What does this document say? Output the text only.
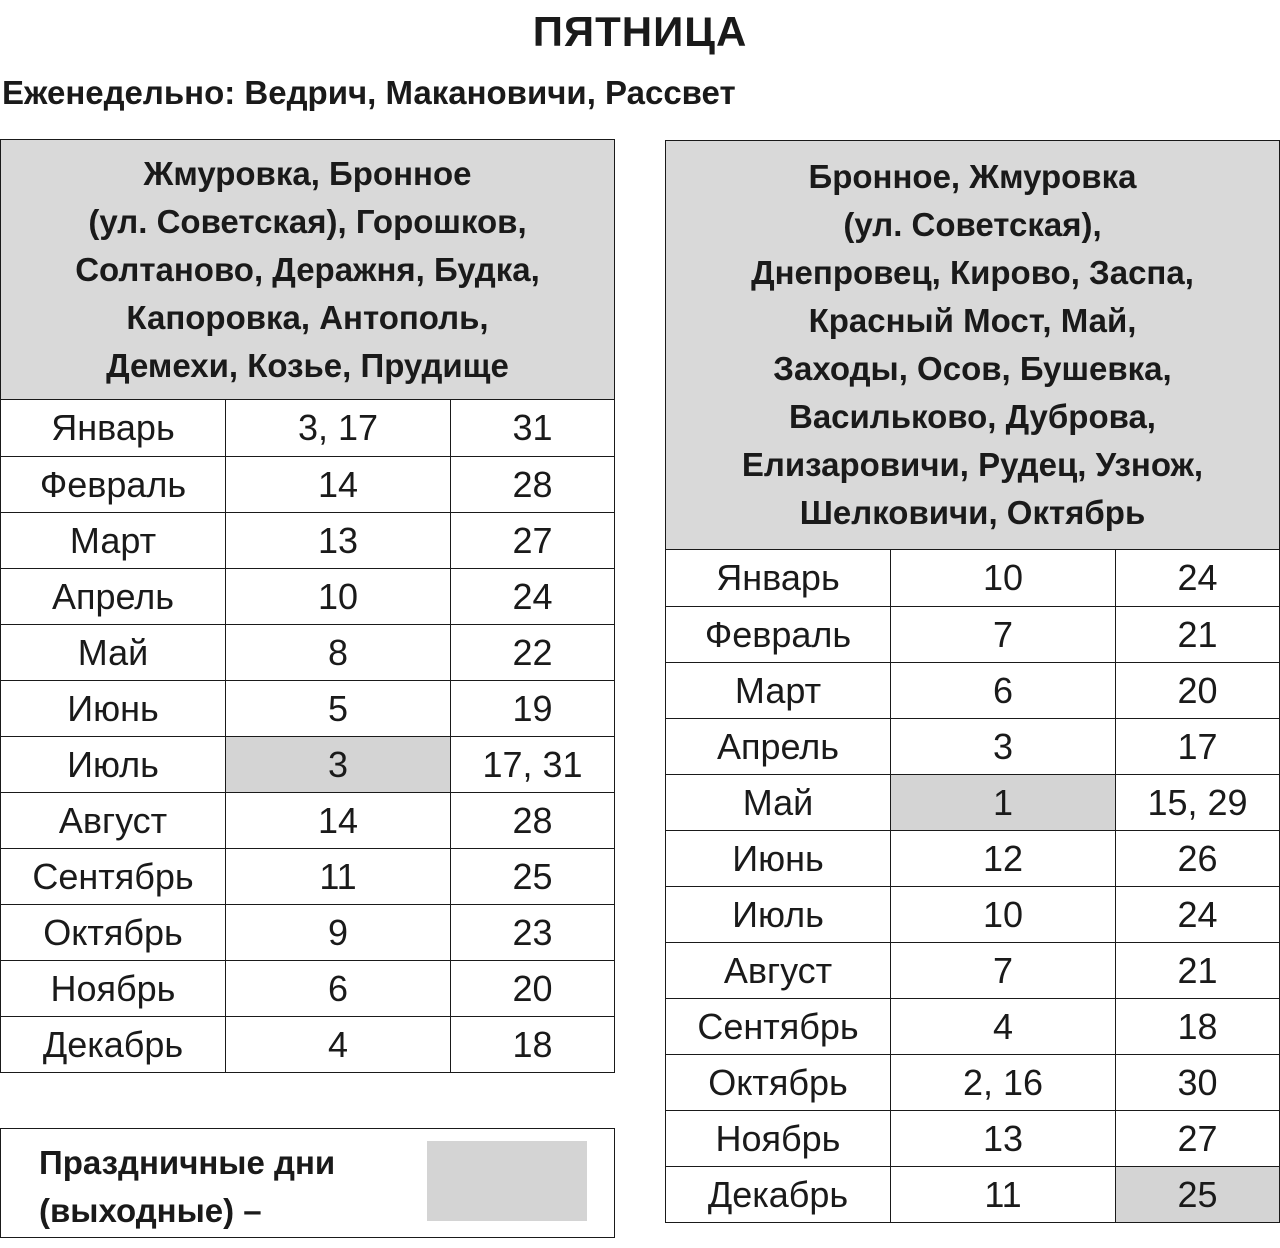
ПЯТНИЦА
Еженедельно: Ведрич, Макановичи, Рассвет
Жмуровка, Бронное
(ул. Советская), Горошков,
Солтаново, Деражня, Будка,
Капоровка, Антополь,
Демехи, Козье, Прудище
Январь	3, 17	31
Февраль	14	28
Март	13	27
Апрель	10	24
Май	8	22
Июнь	5	19
Июль	3	17, 31
Август	14	28
Сентябрь	11	25
Октябрь	9	23
Ноябрь	6	20
Декабрь	4	18
Бронное, Жмуровка
(ул. Советская),
Днепровец, Кирово, Заспа,
Красный Мост, Май,
Заходы, Осов, Бушевка,
Васильково, Дуброва,
Елизаровичи, Рудец, Узнож,
Шелковичи, Октябрь
Январь	10	24
Февраль	7	21
Март	6	20
Апрель	3	17
Май	1	15, 29
Июнь	12	26
Июль	10	24
Август	7	21
Сентябрь	4	18
Октябрь	2, 16	30
Ноябрь	13	27
Декабрь	11	25
Праздничные дни
(выходные) –
